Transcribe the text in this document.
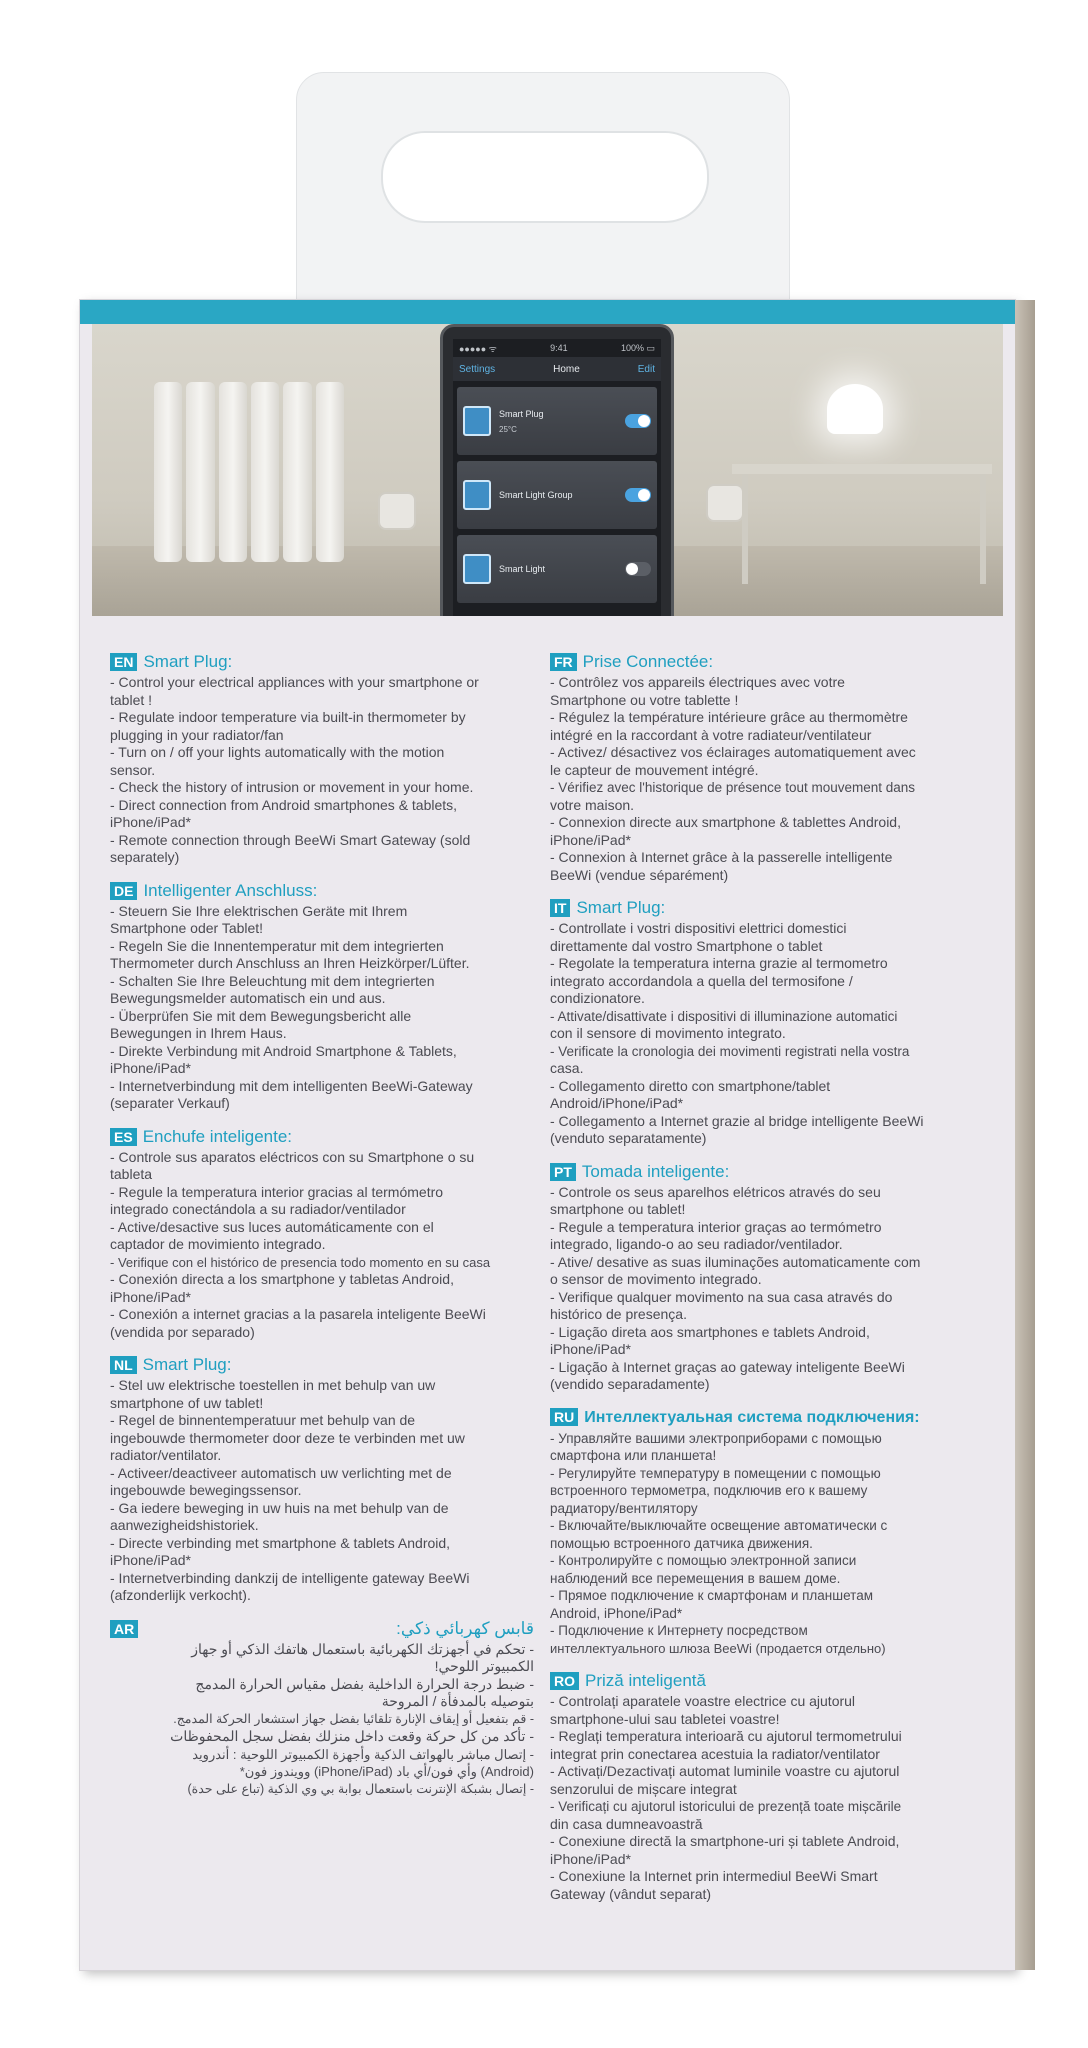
●●●●● ᯤ	9:41	100% ▭
Settings	Home	Edit
Smart Plug
25°C
Smart Light Group
Smart Light
EN Smart Plug:

- Control your electrical appliances with your smartphone or

tablet !

- Regulate indoor temperature via built-in thermometer by

plugging in your radiator/fan

- Turn on / off your lights automatically with the motion

sensor.

- Check the history of intrusion or movement in your home.

- Direct connection from Android smartphones & tablets,

iPhone/iPad*

- Remote connection through BeeWi Smart Gateway (sold

separately)

DE Intelligenter Anschluss:

- Steuern Sie Ihre elektrischen Geräte mit Ihrem

Smartphone oder Tablet!

- Regeln Sie die Innentemperatur mit dem integrierten

Thermometer durch Anschluss an Ihren Heizkörper/Lüfter.

- Schalten Sie Ihre Beleuchtung mit dem integrierten

Bewegungsmelder automatisch ein und aus.

- Überprüfen Sie mit dem Bewegungsbericht alle

Bewegungen in Ihrem Haus.

- Direkte Verbindung mit Android Smartphone & Tablets,

iPhone/iPad*

- Internetverbindung mit dem intelligenten BeeWi-Gateway

(separater Verkauf)

ES Enchufe inteligente:

- Controle sus aparatos eléctricos con su Smartphone o su

tableta

- Regule la temperatura interior gracias al termómetro

integrado conectándola a su radiador/ventilador

- Active/desactive sus luces automáticamente con el

captador de movimiento integrado.

- Verifique con el histórico de presencia todo momento en su casa

- Conexión directa a los smartphone y tabletas Android,

iPhone/iPad*

- Conexión a internet gracias a la pasarela inteligente BeeWi

(vendida por separado)

NL Smart Plug:

- Stel uw elektrische toestellen in met behulp van uw

smartphone of uw tablet!

- Regel de binnentemperatuur met behulp van de

ingebouwde thermometer door deze te verbinden met uw

radiator/ventilator.

- Activeer/deactiveer automatisch uw verlichting met de

ingebouwde bewegingssensor.

- Ga iedere beweging in uw huis na met behulp van de

aanwezigheidshistoriek.

- Directe verbinding met smartphone & tablets Android,

iPhone/iPad*

- Internetverbinding dankzij de intelligente gateway BeeWi

(afzonderlijk verkocht).

AR	قابس كهربائي ذكي:

- تحكم في أجهزتك الكهربائية باستعمال هاتفك الذكي أو جهاز

الكمبيوتر اللوحي!

- ضبط درجة الحرارة الداخلية بفضل مقياس الحرارة المدمج

بتوصيله بالمدفأة / المروحة

- قم بتفعيل أو إيقاف الإنارة تلقائيا بفضل جهاز استشعار الحركة المدمج.

- تأكد من كل حركة وقعت داخل منزلك بفضل سجل المحفوظات

- إتصال مباشر بالهواتف الذكية وأجهزة الكمبيوتر اللوحية : أندرويد

(Android) وأي فون/أي باد (iPhone/iPad) وويندوز فون*

- إتصال بشبكة الإنترنت باستعمال بوابة بي وي الذكية (تباع على حدة)

FR Prise Connectée:

- Contrôlez vos appareils électriques avec votre

Smartphone ou votre tablette !

- Régulez la température intérieure grâce au thermomètre

intégré en la raccordant à votre radiateur/ventilateur

- Activez/ désactivez vos éclairages automatiquement avec

le capteur de mouvement intégré.

- Vérifiez avec l'historique de présence tout mouvement dans

votre maison.

- Connexion directe aux smartphone & tablettes Android,

iPhone/iPad*

- Connexion à Internet grâce à la passerelle intelligente

BeeWi (vendue séparément)

IT Smart Plug:

- Controllate i vostri dispositivi elettrici domestici

direttamente dal vostro Smartphone o tablet

- Regolate la temperatura interna grazie al termometro

integrato accordandola a quella del termosifone /

condizionatore.

- Attivate/disattivate i dispositivi di illuminazione automatici

con il sensore di movimento integrato.

- Verificate la cronologia dei movimenti registrati nella vostra

casa.

- Collegamento diretto con smartphone/tablet

Android/iPhone/iPad*

- Collegamento a Internet grazie al bridge intelligente BeeWi

(venduto separatamente)

PT Tomada inteligente:

- Controle os seus aparelhos elétricos através do seu

smartphone ou tablet!

- Regule a temperatura interior graças ao termómetro

integrado, ligando-o ao seu radiador/ventilador.

- Ative/ desative as suas iluminações automaticamente com

o sensor de movimento integrado.

- Verifique qualquer movimento na sua casa através do

histórico de presença.

- Ligação direta aos smartphones e tablets Android,

iPhone/iPad*

- Ligação à Internet graças ao gateway inteligente BeeWi

(vendido separadamente)

RU Интеллектуальная система подключения:

- Управляйте вашими электроприборами с помощью

смартфона или планшета!

- Регулируйте температуру в помещении с помощью

встроенного термометра, подключив его к вашему

радиатору/вентилятору

- Включайте/выключайте освещение автоматически с

помощью встроенного датчика движения.

- Контролируйте с помощью электронной записи

наблюдений все перемещения в вашем доме.

- Прямое подключение к смартфонам и планшетам

Android, iPhone/iPad*

- Подключение к Интернету посредством

интеллектуального шлюза BeeWi (продается отдельно)

RO Priză inteligentă

- Controlați aparatele voastre electrice cu ajutorul

smartphone-ului sau tabletei voastre!

- Reglați temperatura interioară cu ajutorul termometrului

integrat prin conectarea acestuia la radiator/ventilator

- Activați/Dezactivați automat luminile voastre cu ajutorul

senzorului de mișcare integrat

- Verificați cu ajutorul istoricului de prezență toate mișcările

din casa dumneavoastră

- Conexiune directă la smartphone-uri și tablete Android,

iPhone/iPad*

- Conexiune la Internet prin intermediul BeeWi Smart

Gateway (vândut separat)
